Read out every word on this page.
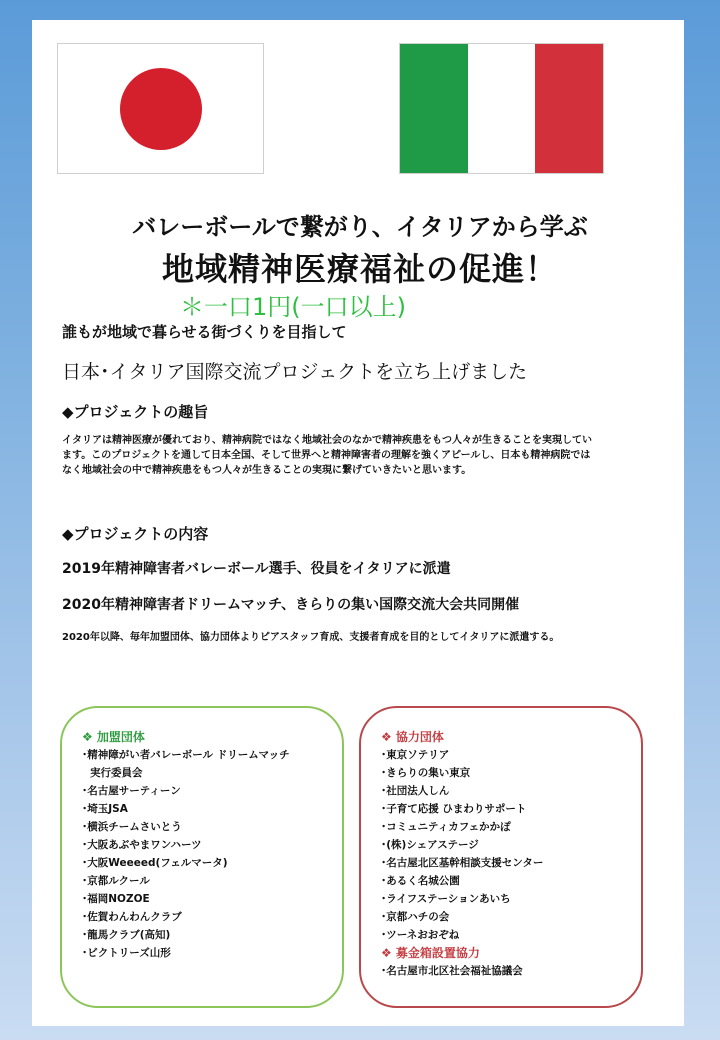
バレーボールで繋がり、イタリアから学ぶ
地域精神医療福祉の促進！
＊一口1円(一口以上)
誰もが地域で暮らせる街づくりを目指して
日本･イタリア国際交流プロジェクトを立ち上げました
◆プロジェクトの趣旨
イタリアは精神医療が優れており、精神病院ではなく地域社会のなかで精神疾患をもつ人々が生きることを実現しています。このプロジェクトを通して日本全国、そして世界へと精神障害者の理解を強くアピールし、日本も精神病院ではなく地域社会の中で精神疾患をもつ人々が生きることの実現に繋げていきたいと思います。
◆プロジェクトの内容
2019年精神障害者バレーボール選手、役員をイタリアに派遣
2020年精神障害者ドリームマッチ、きらりの集い国際交流大会共同開催
2020年以降、毎年加盟団体、協力団体よりピアスタッフ育成、支援者育成を目的としてイタリアに派遣する。
❖ 加盟団体
･精神障がい者バレーボール ドリームマッチ
実行委員会
･名古屋サーティーン
･埼玉JSA
･横浜チームさいとう
･大阪あぶやまワンハーツ
･大阪Weeeed(フェルマータ)
･京都ルクール
･福岡NOZOE
･佐賀わんわんクラブ
･龍馬クラブ(高知)
･ビクトリーズ山形
❖ 協力団体
･東京ソテリア
･きらりの集い東京
･社団法人しん
･子育て応援 ひまわりサポート
･コミュニティカフェかかぽ
･(株)シェアステージ
･名古屋北区基幹相談支援センター
･あるく名城公園
･ライフステーションあいち
･京都ハチの会
･ツーネおおぞね
❖ 募金箱設置協力
･名古屋市北区社会福祉協議会
